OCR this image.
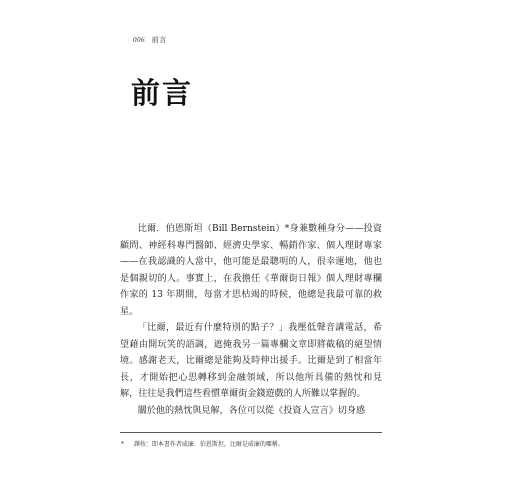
006 前言
前言

比爾．伯恩斯坦（Bill Bernstein）*身兼數種身分——投資顧問、神經科專門醫師、經濟史學家、暢銷作家、個人理財專家——在我認識的人當中，他可能是最聰明的人，很幸運地，他也是個親切的人。事實上，在我擔任《華爾街日報》個人理財專欄作家的 13 年期間，每當才思枯竭的時候，他總是我最可靠的救星。

「比爾，最近有什麼特別的點子？」我壓低聲音講電話，希望藉由開玩笑的語調，遮掩我另一篇專欄文章即將截稿的絕望情境。感謝老天，比爾總是能夠及時伸出援手。比爾是到了相當年長，才開始把心思轉移到金融領域，所以他所具備的熱忱和見解，往往是我們這些看慣華爾街金錢遊戲的人所難以掌握的。

關於他的熱忱與見解，各位可以從《投資人宣言》切身感

* 譯按：即本書作者威廉．伯恩斯坦，比爾是威廉的暱稱。
